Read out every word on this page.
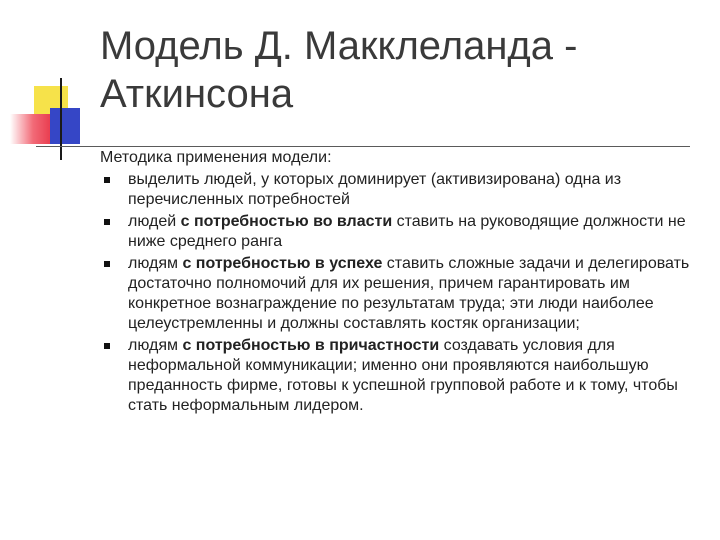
Модель Д. Макклеланда - Аткинсона

Методика применения модели:

выделить людей, у которых доминирует (активизирована) одна из перечисленных потребностей
людей с потребностью во власти ставить на руководящие должности не ниже среднего ранга
людям с потребностью в успехе ставить сложные задачи и делегировать достаточно полномочий для их решения, причем гарантировать им конкретное вознаграждение по результатам труда; эти люди наиболее целеустремленны и должны составлять костяк организации;
людям с потребностью в причастности создавать условия для неформальной коммуникации; именно они проявляются наибольшую преданность фирме, готовы к успешной групповой работе и к тому, чтобы стать неформальным лидером.
